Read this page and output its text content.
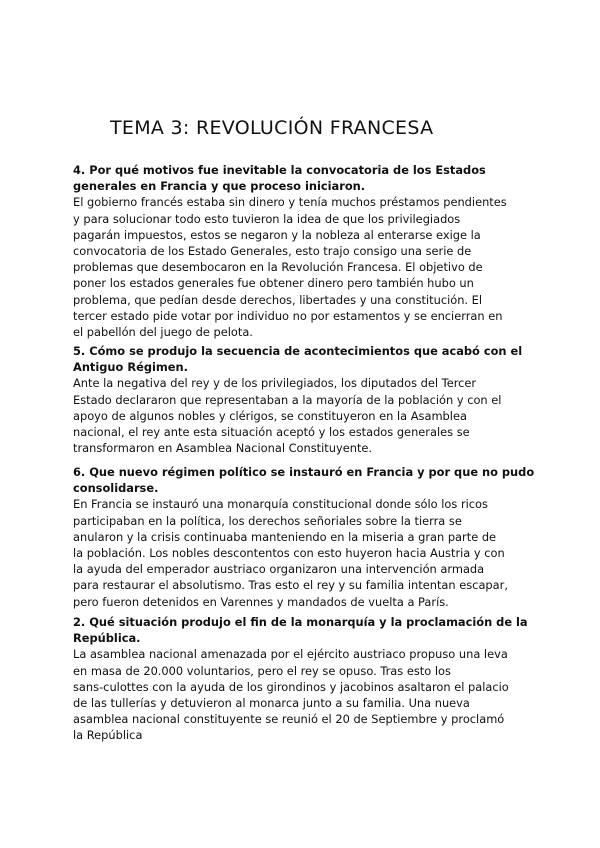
TEMA 3: REVOLUCIÓN FRANCESA

4. Por qué motivos fue inevitable la convocatoria de los Estados
generales en Francia y que proceso iniciaron.

El gobierno francés estaba sin dinero y tenía muchos préstamos pendientes
y para solucionar todo esto tuvieron la idea de que los privilegiados
pagarán impuestos, estos se negaron y la nobleza al enterarse exige la
convocatoria de los Estado Generales, esto trajo consigo una serie de
problemas que desembocaron en la Revolución Francesa. El objetivo de
poner los estados generales fue obtener dinero pero también hubo un
problema, que pedían desde derechos, libertades y una constitución. El
tercer estado pide votar por individuo no por estamentos y se encierran en
el pabellón del juego de pelota.

5. Cómo se produjo la secuencia de acontecimientos que acabó con el
Antiguo Régimen.

Ante la negativa del rey y de los privilegiados, los diputados del Tercer
Estado declararon que representaban a la mayoría de la población y con el
apoyo de algunos nobles y clérigos, se constituyeron en la Asamblea
nacional, el rey ante esta situación aceptó y los estados generales se
transformaron en Asamblea Nacional Constituyente.

6. Que nuevo régimen político se instauró en Francia y por que no pudo
consolidarse.

En Francia se instauró una monarquía constitucional donde sólo los ricos
participaban en la política, los derechos señoriales sobre la tierra se
anularon y la crisis continuaba manteniendo en la miseria a gran parte de
la población. Los nobles descontentos con esto huyeron hacia Austria y con
la ayuda del emperador austriaco organizaron una intervención armada
para restaurar el absolutismo. Tras esto el rey y su familia intentan escapar,
pero fueron detenidos en Varennes y mandados de vuelta a París.

2. Qué situación produjo el fin de la monarquía y la proclamación de la
República.

La asamblea nacional amenazada por el ejército austriaco propuso una leva
en masa de 20.000 voluntarios, pero el rey se opuso. Tras esto los
sans-culottes con la ayuda de los girondinos y jacobinos asaltaron el palacio
de las tullerías y detuvieron al monarca junto a su familia. Una nueva
asamblea nacional constituyente se reunió el 20 de Septiembre y proclamó
la República
